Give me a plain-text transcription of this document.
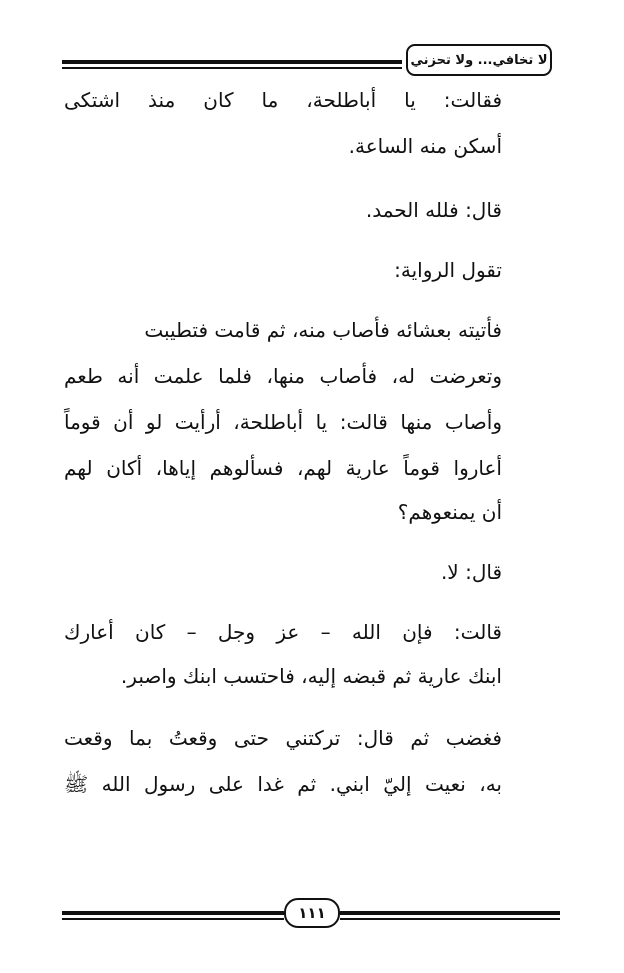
لا تخافي... ولا تحزني
فقالت: يا أباطلحة، ما كان منذ اشتكى
أسكن منه الساعة.
قال: فلله الحمد.
تقول الرواية:
فأتيته بعشائه فأصاب منه، ثم قامت فتطيبت
وتعرضت له، فأصاب منها، فلما علمت أنه طعم
وأصاب منها قالت: يا أباطلحة، أرأيت لو أن قوماً
أعاروا قوماً عارية لهم، فسألوهم إياها، أكان لهم
أن يمنعوهم؟
قال: لا.
قالت: فإن الله – عز وجل – كان أعارك
ابنك عارية ثم قبضه إليه، فاحتسب ابنك واصبر.
فغضب ثم قال: تركتني حتى وقعتُ بما وقعت
به، نعيت إليّ ابني. ثم غدا على رسول الله ﷺ
١١١
